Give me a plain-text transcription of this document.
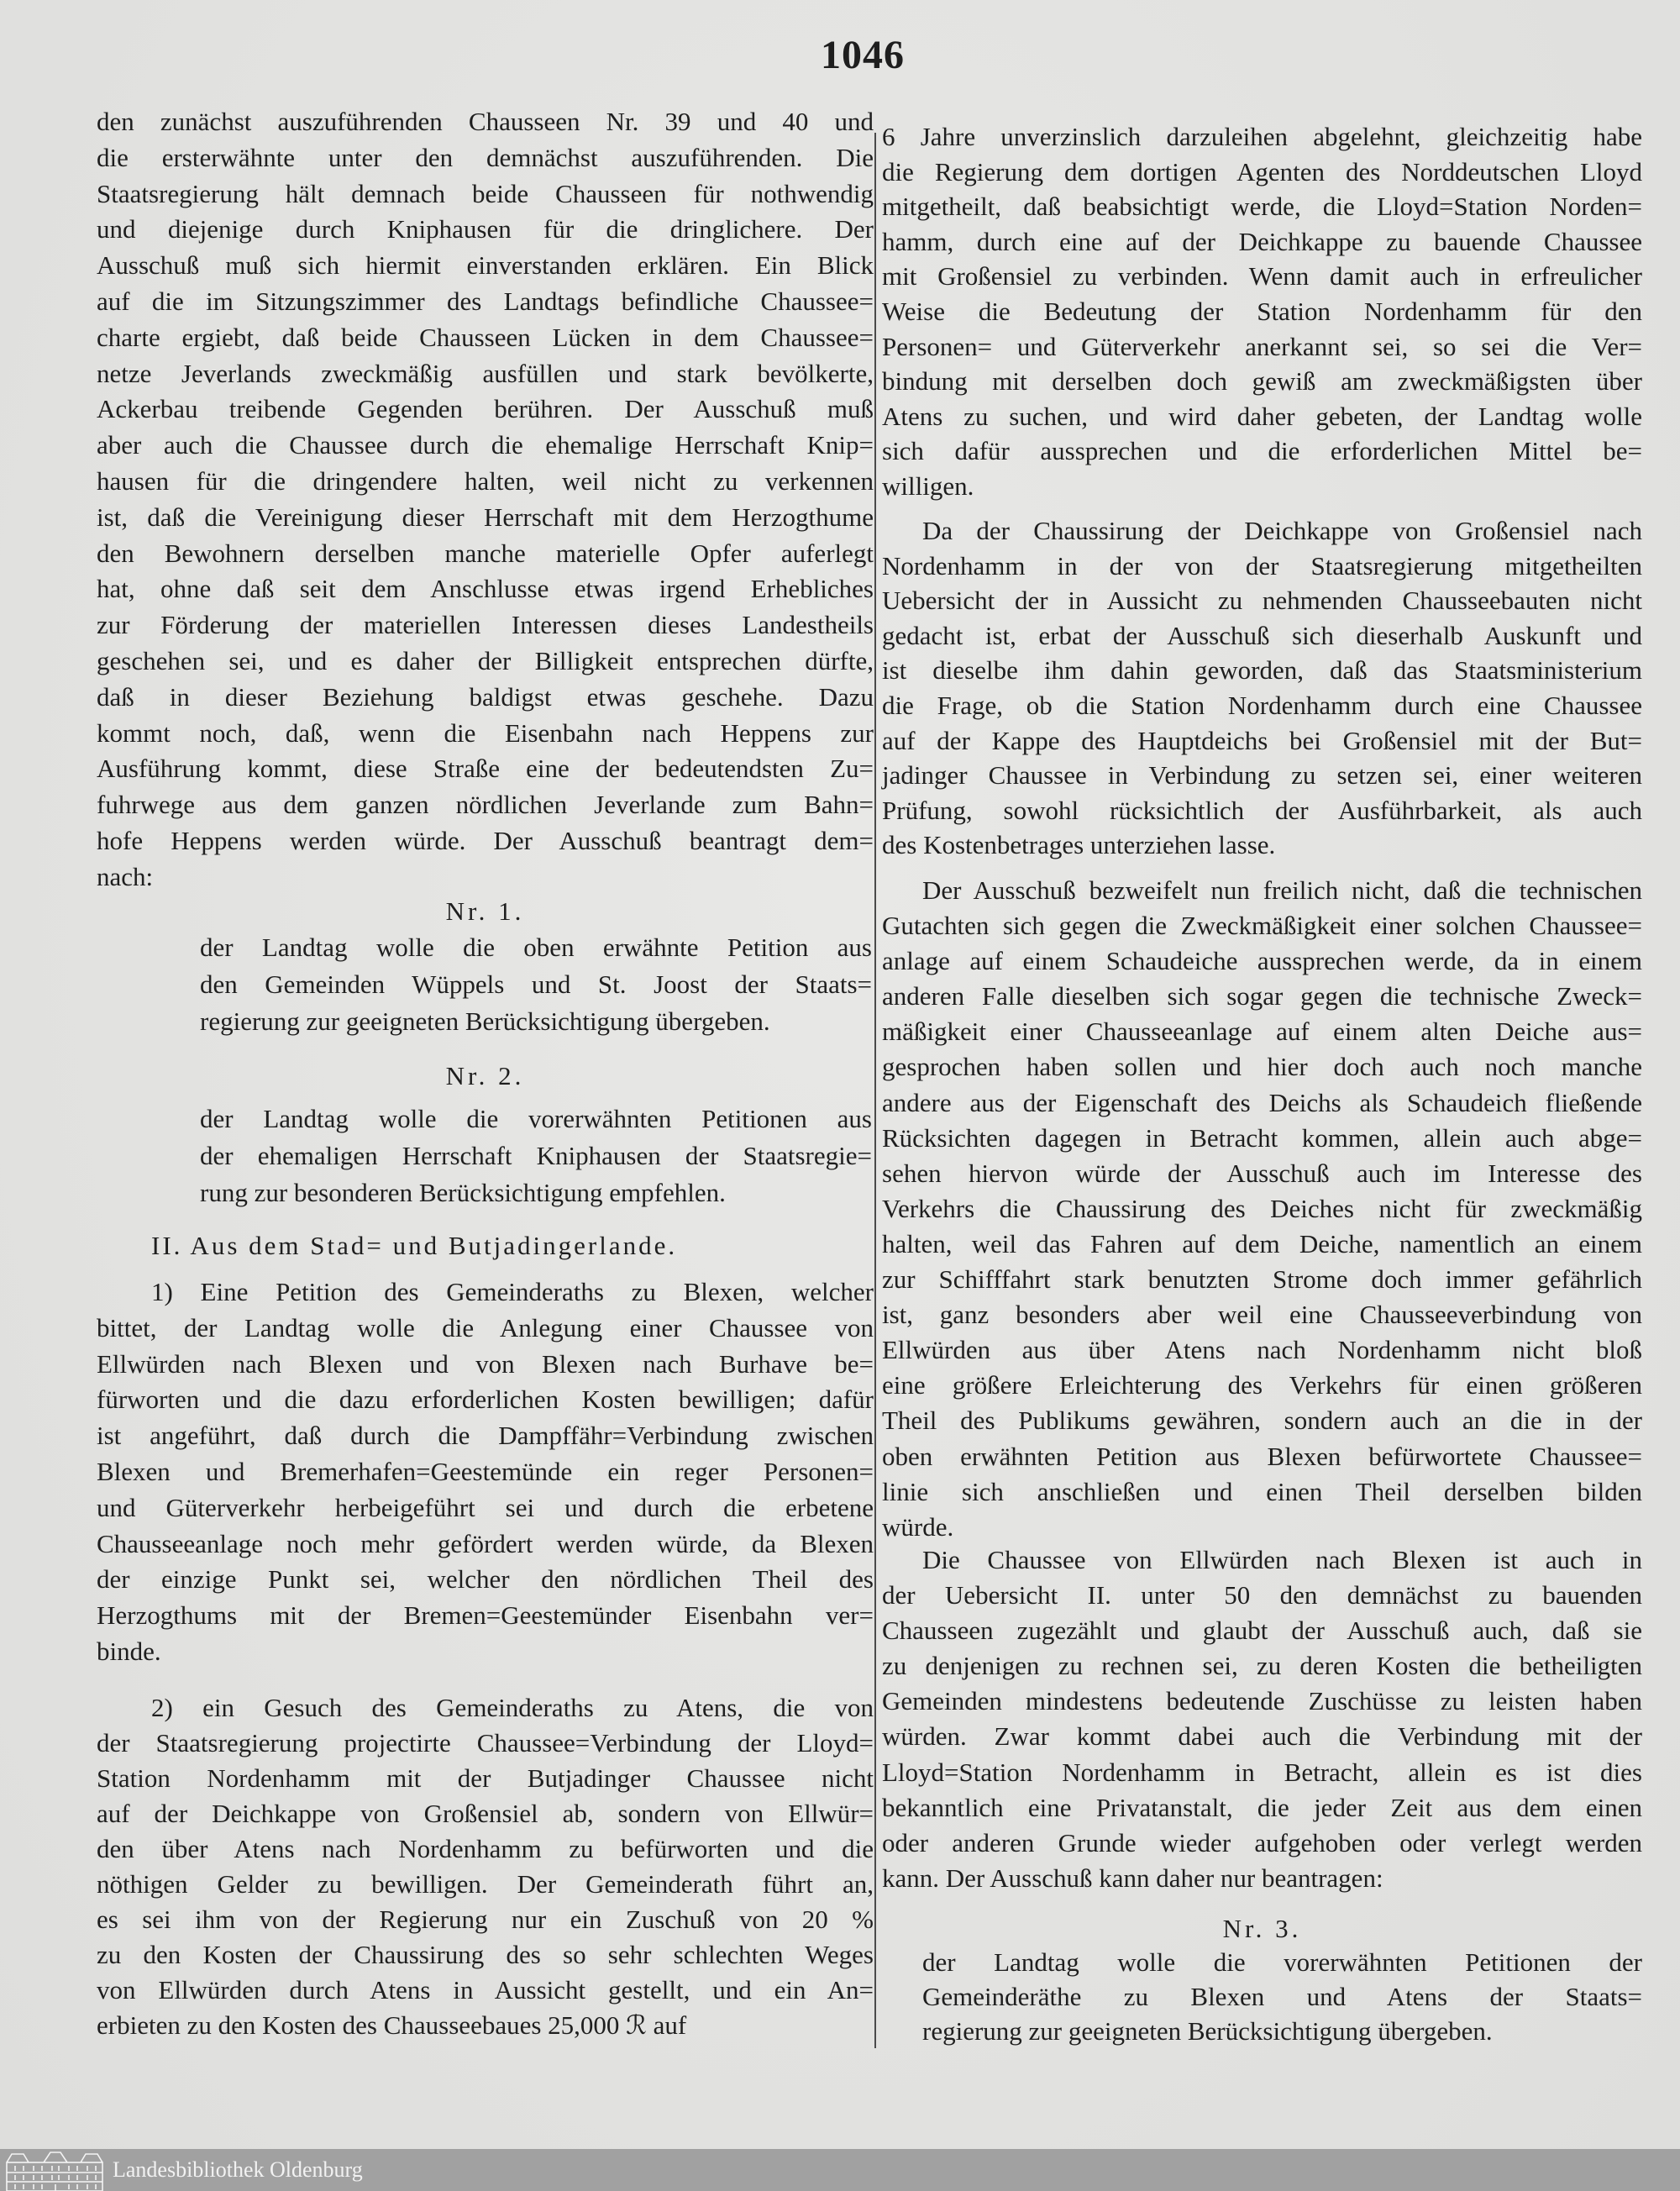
1046
den zunächst auszuführenden Chausseen Nr. 39 und 40 und
die ersterwähnte unter den demnächst auszuführenden. Die
Staatsregierung hält demnach beide Chausseen für nothwendig
und diejenige durch Kniphausen für die dringlichere. Der
Ausschuß muß sich hiermit einverstanden erklären. Ein Blick
auf die im Sitzungszimmer des Landtags befindliche Chaussee=
charte ergiebt, daß beide Chausseen Lücken in dem Chaussee=
netze Jeverlands zweckmäßig ausfüllen und stark bevölkerte,
Ackerbau treibende Gegenden berühren. Der Ausschuß muß
aber auch die Chaussee durch die ehemalige Herrschaft Knip=
hausen für die dringendere halten, weil nicht zu verkennen
ist, daß die Vereinigung dieser Herrschaft mit dem Herzogthume
den Bewohnern derselben manche materielle Opfer auferlegt
hat, ohne daß seit dem Anschlusse etwas irgend Erhebliches
zur Förderung der materiellen Interessen dieses Landestheils
geschehen sei, und es daher der Billigkeit entsprechen dürfte,
daß in dieser Beziehung baldigst etwas geschehe. Dazu
kommt noch, daß, wenn die Eisenbahn nach Heppens zur
Ausführung kommt, diese Straße eine der bedeutendsten Zu=
fuhrwege aus dem ganzen nördlichen Jeverlande zum Bahn=
hofe Heppens werden würde. Der Ausschuß beantragt dem=
nach:
Nr. 1.
der Landtag wolle die oben erwähnte Petition aus
den Gemeinden Wüppels und St. Joost der Staats=
regierung zur geeigneten Berücksichtigung übergeben.
Nr. 2.
der Landtag wolle die vorerwähnten Petitionen aus
der ehemaligen Herrschaft Kniphausen der Staatsregie=
rung zur besonderen Berücksichtigung empfehlen.
II. Aus dem Stad= und Butjadingerlande.
1) Eine Petition des Gemeinderaths zu Blexen, welcher
bittet, der Landtag wolle die Anlegung einer Chaussee von
Ellwürden nach Blexen und von Blexen nach Burhave be=
fürworten und die dazu erforderlichen Kosten bewilligen; dafür
ist angeführt, daß durch die Dampffähr=Verbindung zwischen
Blexen und Bremerhafen=Geestemünde ein reger Personen=
und Güterverkehr herbeigeführt sei und durch die erbetene
Chausseeanlage noch mehr gefördert werden würde, da Blexen
der einzige Punkt sei, welcher den nördlichen Theil des
Herzogthums mit der Bremen=Geestemünder Eisenbahn ver=
binde.
2) ein Gesuch des Gemeinderaths zu Atens, die von
der Staatsregierung projectirte Chaussee=Verbindung der Lloyd=
Station Nordenhamm mit der Butjadinger Chaussee nicht
auf der Deichkappe von Großensiel ab, sondern von Ellwür=
den über Atens nach Nordenhamm zu befürworten und die
nöthigen Gelder zu bewilligen. Der Gemeinderath führt an,
es sei ihm von der Regierung nur ein Zuschuß von 20 %
zu den Kosten der Chaussirung des so sehr schlechten Weges
von Ellwürden durch Atens in Aussicht gestellt, und ein An=
erbieten zu den Kosten des Chausseebaues 25,000 ℛ auf
6 Jahre unverzinslich darzuleihen abgelehnt, gleichzeitig habe
die Regierung dem dortigen Agenten des Norddeutschen Lloyd
mitgetheilt, daß beabsichtigt werde, die Lloyd=Station Norden=
hamm, durch eine auf der Deichkappe zu bauende Chaussee
mit Großensiel zu verbinden. Wenn damit auch in erfreulicher
Weise die Bedeutung der Station Nordenhamm für den
Personen= und Güterverkehr anerkannt sei, so sei die Ver=
bindung mit derselben doch gewiß am zweckmäßigsten über
Atens zu suchen, und wird daher gebeten, der Landtag wolle
sich dafür aussprechen und die erforderlichen Mittel be=
willigen.
Da der Chaussirung der Deichkappe von Großensiel nach
Nordenhamm in der von der Staatsregierung mitgetheilten
Uebersicht der in Aussicht zu nehmenden Chausseebauten nicht
gedacht ist, erbat der Ausschuß sich dieserhalb Auskunft und
ist dieselbe ihm dahin geworden, daß das Staatsministerium
die Frage, ob die Station Nordenhamm durch eine Chaussee
auf der Kappe des Hauptdeichs bei Großensiel mit der But=
jadinger Chaussee in Verbindung zu setzen sei, einer weiteren
Prüfung, sowohl rücksichtlich der Ausführbarkeit, als auch
des Kostenbetrages unterziehen lasse.
Der Ausschuß bezweifelt nun freilich nicht, daß die technischen
Gutachten sich gegen die Zweckmäßigkeit einer solchen Chaussee=
anlage auf einem Schaudeiche aussprechen werde, da in einem
anderen Falle dieselben sich sogar gegen die technische Zweck=
mäßigkeit einer Chausseeanlage auf einem alten Deiche aus=
gesprochen haben sollen und hier doch auch noch manche
andere aus der Eigenschaft des Deichs als Schaudeich fließende
Rücksichten dagegen in Betracht kommen, allein auch abge=
sehen hiervon würde der Ausschuß auch im Interesse des
Verkehrs die Chaussirung des Deiches nicht für zweckmäßig
halten, weil das Fahren auf dem Deiche, namentlich an einem
zur Schifffahrt stark benutzten Strome doch immer gefährlich
ist, ganz besonders aber weil eine Chausseeverbindung von
Ellwürden aus über Atens nach Nordenhamm nicht bloß
eine größere Erleichterung des Verkehrs für einen größeren
Theil des Publikums gewähren, sondern auch an die in der
oben erwähnten Petition aus Blexen befürwortete Chaussee=
linie sich anschließen und einen Theil derselben bilden
würde.
Die Chaussee von Ellwürden nach Blexen ist auch in
der Uebersicht II. unter 50 den demnächst zu bauenden
Chausseen zugezählt und glaubt der Ausschuß auch, daß sie
zu denjenigen zu rechnen sei, zu deren Kosten die betheiligten
Gemeinden mindestens bedeutende Zuschüsse zu leisten haben
würden. Zwar kommt dabei auch die Verbindung mit der
Lloyd=Station Nordenhamm in Betracht, allein es ist dies
bekanntlich eine Privatanstalt, die jeder Zeit aus dem einen
oder anderen Grunde wieder aufgehoben oder verlegt werden
kann. Der Ausschuß kann daher nur beantragen:
Nr. 3.
der Landtag wolle die vorerwähnten Petitionen der
Gemeinderäthe zu Blexen und Atens der Staats=
regierung zur geeigneten Berücksichtigung übergeben.
Landesbibliothek Oldenburg
